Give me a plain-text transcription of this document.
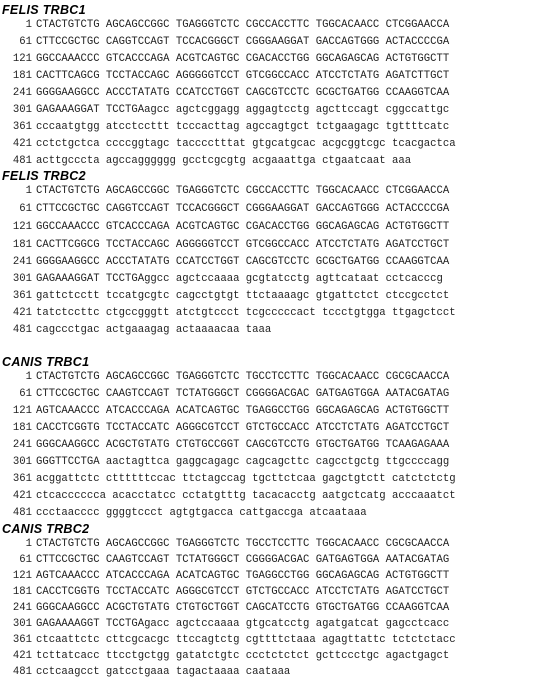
FELIS TRBC1
1 CTACTGTCTG AGCAGCCGGC TGAGGGTCTC CGCCACCTTC TGGCACAACC CTCGGAACCA
61 CTTCCGCTGC CAGGTCCAGT TCCACGGGCT CGGGAAGGAT GACCAGTGGG ACTACCCCGA
121 GGCCAAACCC GTCACCCAGA ACGTCAGTGC CGACACCTGG GGCAGAGCAG ACTGTGGCTT
181 CACTTCAGCG TCCTACCAGC AGGGGGTCCT GTCGGCCACC ATCCTCTATG AGATCTTGCT
241 GGGGAAGGCC ACCCTATATG CCATCCTGGT CAGCGTCCTC GCGCTGATGG CCAAGGTCAA
301 GAGAAAGGAT TCCTGAagcc agctcggagg aggagtcctg agcttccagt cggccattgc
361 cccaatgtgg atcctccttt tcccacttag agccagtgct tctgaagagc tgttttcatc
421 cctctgctca ccccggtagc tacccctttat gtgcatgcac acgcggtcgc tcacgactca
481 acttgcccta agccagggggg gcctcgcgtg acgaaattga ctgaatcaat aaa
FELIS TRBC2
1 CTACTGTCTG AGCAGCCGGC TGAGGGTCTC CGCCACCTTC TGGCACAACC CTCGGAACCA
61 CTTCCGCTGC CAGGTCCAGT TCCACGGGCT CGGGAAGGAT GACCAGTGGG ACTACCCCGA
121 GGCCAAACCC GTCACCCAGA ACGTCAGTGC CGACACCTGG GGCAGAGCAG ACTGTGGCTT
181 CACTTCGGCG TCCTACCAGC AGGGGGTCCT GTCGGCCACC ATCCTCTATG AGATCCTGCT
241 GGGGAAGGCC ACCCTATATG CCATCCTGGT CAGCGTCCTC GCGCTGATGG CCAAGGTCAA
301 GAGAAAGGAT TCCTGAggcc agctccaaaa gcgtatcctg agttcataat cctcacccg
361 gattctcctt tccatgcgtc cagcctgtgt ttctaaaagc gtgattctct ctccgcctct
421 tatctccttc ctgccgggtt atctgtccct tcgcccccact tccctgtgga ttgagctcct
481 cagccctgac actgaaagag actaaaacaa taaa
CANIS TRBC1
1 CTACTGTCTG AGCAGCCGGC TGAGGGTCTC TGCCTCCTTC TGGCACAACC CGCGCAACCA
61 CTTCCGCTGC CAAGTCCAGT TCTATGGGCT CGGGGACGAC GATGAGTGGA AATACGATAG
121 AGTCAAACCC ATCACCCAGA ACATCAGTGC TGAGGCCTGG GGCAGAGCAG ACTGTGGCTT
181 CACCTCGGTG TCCTACCATC AGGGCGTCCT GTCTGCCACC ATCCTCTATG AGATCCTGCT
241 GGGCAAGGCC ACGCTGTATG CTGTGCCGGT CAGCGTCCTG GTGCTGATGG TCAAGAGAAA
301 GGGTTCCTGA aactagttca gaggcagagc cagcagcttc cagcctgctg ttgccccagg
361 acggattctc cttttttccac ttctagccag tgcttctcaa gagctgtctt catctctctg
421 ctcacccccca acacctatcc cctatgtttg tacacacctg aatgctcatg acccaaatct
481 ccctaacccc ggggtccct agtgtgacca cattgaccga atcaataaa
CANIS TRBC2
1 CTACTGTCTG AGCAGCCGGC TGAGGGTCTC TGCCTCCTTC TGGCACAACC CGCGCAACCA
61 CTTCCGCTGC CAAGTCCAGT TCTATGGGCT CGGGGACGAC GATGAGTGGA AATACGATAG
121 AGTCAAACCC ATCACCCAGA ACATCAGTGC TGAGGCCTGG GGCAGAGCAG ACTGTGGCTT
181 CACCTCGGTG TCCTACCATC AGGGCGTCCT GTCTGCCACC ATCCTCTATG AGATCCTGCT
241 GGGCAAGGCC ACGCTGTATG CTGTGCTGGT CAGCATCCTG GTGCTGATGG CCAAGGTCAA
301 GAGAAAAGGT TCCTGAgacc agctccaaaa gtgcatcctg agatgatcat gagcctcacc
361 ctcaattctc cttcgcacgc ttccagtctg cgttttctaaa agagttattc tctctctacc
421 tcttatcacc ttcctgctgg gatatctgtc ccctctctct gcttccctgc agactgagct
481 cctcaagcct gatcctgaaa tagactaaaa caataaa
